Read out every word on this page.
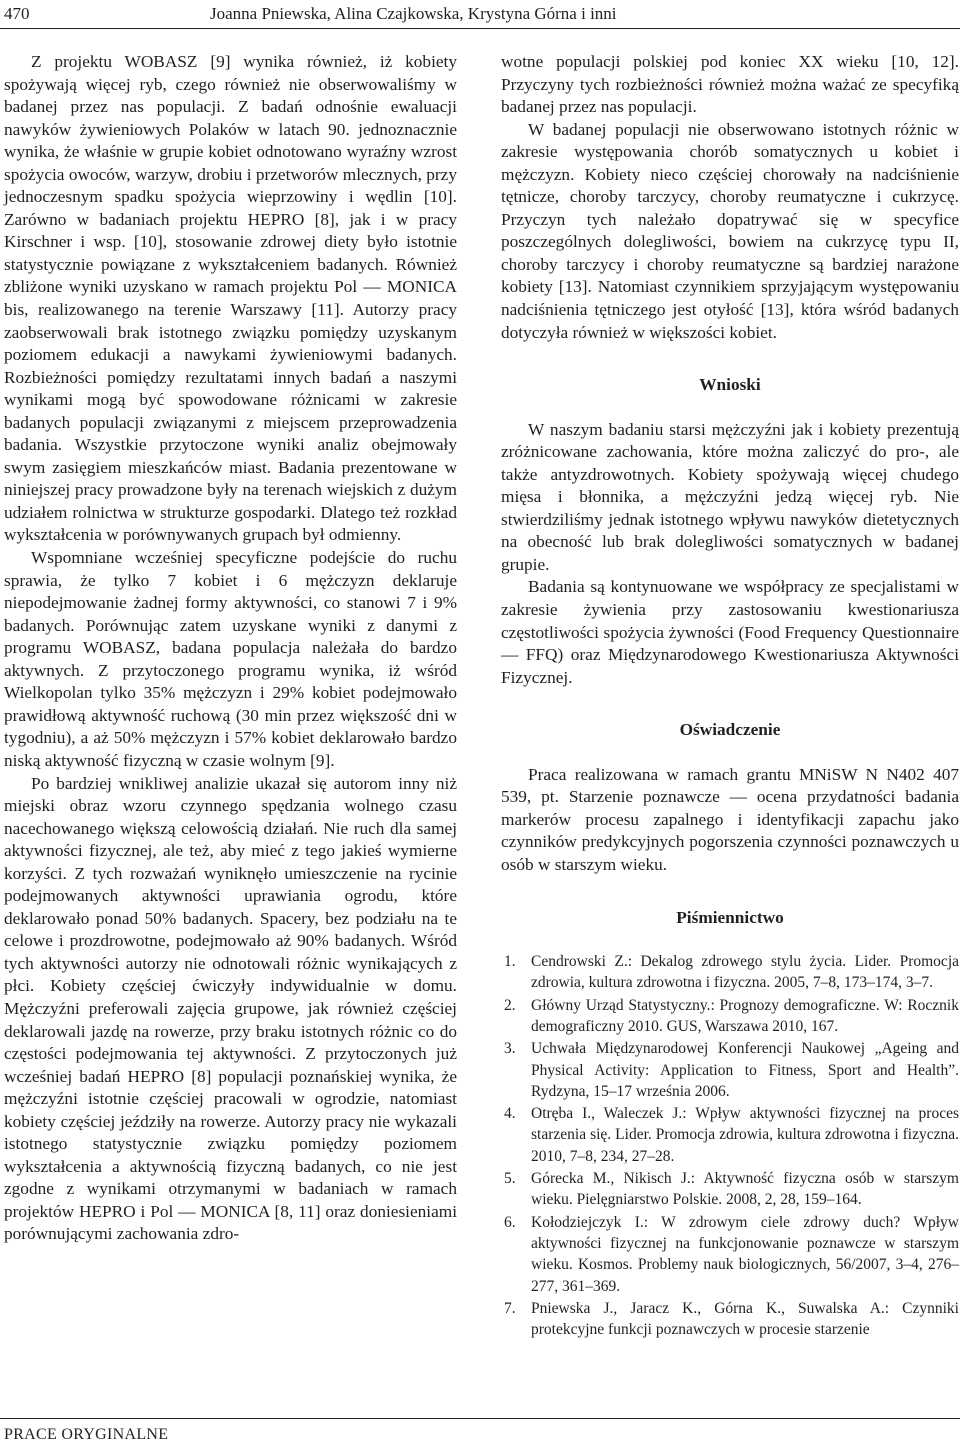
470	Joanna Pniewska, Alina Czajkowska, Krystyna Górna i inni

Z projektu WOBASZ [9] wynika również, iż kobiety spożywają więcej ryb, czego również nie obserwowaliśmy w badanej przez nas populacji. Z badań odnośnie ewaluacji nawyków żywieniowych Polaków w latach 90. jednoznacznie wynika, że właśnie w grupie kobiet odnotowano wyraźny wzrost spożycia owoców, warzyw, drobiu i przetworów mlecznych, przy jednoczesnym spadku spożycia wieprzowiny i wędlin [10]. Zarówno w badaniach projektu HEPRO [8], jak i w pracy Kirschner i wsp. [10], stosowanie zdrowej diety było istotnie statystycznie powiązane z wykształceniem badanych. Również zbliżone wyniki uzyskano w ramach projektu Pol — MONICA bis, realizowanego na terenie Warszawy [11]. Autorzy pracy zaobserwowali brak istotnego związku pomiędzy uzyskanym poziomem edukacji a nawykami żywieniowymi badanych. Rozbieżności pomiędzy rezultatami innych badań a naszymi wynikami mogą być spowodowane różnicami w zakresie badanych populacji związanymi z miejscem przeprowadzenia badania. Wszystkie przytoczone wyniki analiz obejmowały swym zasięgiem mieszkańców miast. Badania prezentowane w niniejszej pracy prowadzone były na terenach wiejskich z dużym udziałem rolnictwa w strukturze gospodarki. Dlatego też rozkład wykształcenia w porównywanych grupach był odmienny.

Wspomniane wcześniej specyficzne podejście do ruchu sprawia, że tylko 7 kobiet i 6 mężczyzn deklaruje niepodejmowanie żadnej formy aktywności, co stanowi 7 i 9% badanych. Porównując zatem uzyskane wyniki z danymi z programu WOBASZ, badana populacja należała do bardzo aktywnych. Z przytoczonego programu wynika, iż wśród Wielkopolan tylko 35% mężczyzn i 29% kobiet podejmowało prawidłową aktywność ruchową (30 min przez większość dni w tygodniu), a aż 50% mężczyzn i 57% kobiet deklarowało bardzo niską aktywność fizyczną w czasie wolnym [9].

Po bardziej wnikliwej analizie ukazał się autorom inny niż miejski obraz wzoru czynnego spędzania wolnego czasu nacechowanego większą celowością działań. Nie ruch dla samej aktywności fizycznej, ale też, aby mieć z tego jakieś wymierne korzyści. Z tych rozważań wyniknęło umieszczenie na rycinie podejmowanych aktywności uprawiania ogrodu, które deklarowało ponad 50% badanych. Spacery, bez podziału na te celowe i prozdrowotne, podejmowało aż 90% badanych. Wśród tych aktywności autorzy nie odnotowali różnic wynikających z płci. Kobiety częściej ćwiczyły indywidualnie w domu. Mężczyźni preferowali zajęcia grupowe, jak również częściej deklarowali jazdę na rowerze, przy braku istotnych różnic co do częstości podejmowania tej aktywności. Z przytoczonych już wcześniej badań HEPRO [8] populacji poznańskiej wynika, że mężczyźni istotnie częściej pracowali w ogrodzie, natomiast kobiety częściej jeździły na rowerze. Autorzy pracy nie wykazali istotnego statystycznie związku pomiędzy poziomem wykształcenia a aktywnością fizyczną badanych, co nie jest zgodne z wynikami otrzymanymi w badaniach w ramach projektów HEPRO i Pol — MONICA [8, 11] oraz doniesieniami porównującymi zachowania zdro-

wotne populacji polskiej pod koniec XX wieku [10, 12]. Przyczyny tych rozbieżności również można ważać ze specyfiką badanej przez nas populacji.

W badanej populacji nie obserwowano istotnych różnic w zakresie występowania chorób somatycznych u kobiet i mężczyzn. Kobiety nieco częściej chorowały na nadciśnienie tętnicze, choroby tarczycy, choroby reumatyczne i cukrzycę. Przyczyn tych należało dopatrywać się w specyfice poszczególnych dolegliwości, bowiem na cukrzycę typu II, choroby tarczycy i choroby reumatyczne są bardziej narażone kobiety [13]. Natomiast czynnikiem sprzyjającym występowaniu nadciśnienia tętniczego jest otyłość [13], która wśród badanych dotyczyła również w większości kobiet.

Wnioski

W naszym badaniu starsi mężczyźni jak i kobiety prezentują zróżnicowane zachowania, które można zaliczyć do pro-, ale także antyzdrowotnych. Kobiety spożywają więcej chudego mięsa i błonnika, a mężczyźni jedzą więcej ryb. Nie stwierdziliśmy jednak istotnego wpływu nawyków dietetycznych na obecność lub brak dolegliwości somatycznych w badanej grupie.

Badania są kontynuowane we współpracy ze specjalistami w zakresie żywienia przy zastosowaniu kwestionariusza częstotliwości spożycia żywności (Food Frequency Questionnaire — FFQ) oraz Międzynarodowego Kwestionariusza Aktywności Fizycznej.

Oświadczenie

Praca realizowana w ramach grantu MNiSW N N402 407 539, pt. Starzenie poznawcze — ocena przydatności badania markerów procesu zapalnego i identyfikacji zapachu jako czynników predykcyjnych pogorszenia czynności poznawczych u osób w starszym wieku.

Piśmiennictwo
1. Cendrowski Z.: Dekalog zdrowego stylu życia. Lider. Promocja zdrowia, kultura zdrowotna i fizyczna. 2005, 7–8, 173–174, 3–7.
2. Główny Urząd Statystyczny.: Prognozy demograficzne. W: Rocznik demograficzny 2010. GUS, Warszawa 2010, 167.
3. Uchwała Międzynarodowej Konferencji Naukowej „Ageing and Physical Activity: Application to Fitness, Sport and Health”. Rydzyna, 15–17 września 2006.
4. Otręba I., Waleczek J.: Wpływ aktywności fizycznej na proces starzenia się. Lider. Promocja zdrowia, kultura zdrowotna i fizyczna. 2010, 7–8, 234, 27–28.
5. Górecka M., Nikisch J.: Aktywność fizyczna osób w starszym wieku. Pielęgniarstwo Polskie. 2008, 2, 28, 159–164.
6. Kołodziejczyk I.: W zdrowym ciele zdrowy duch? Wpływ aktywności fizycznej na funkcjonowanie poznawcze w starszym wieku. Kosmos. Problemy nauk biologicznych, 56/2007, 3–4, 276–277, 361–369.
7. Pniewska J., Jaracz K., Górna K., Suwalska A.: Czynniki protekcyjne funkcji poznawczych w procesie starzenie
PRACE ORYGINALNE
